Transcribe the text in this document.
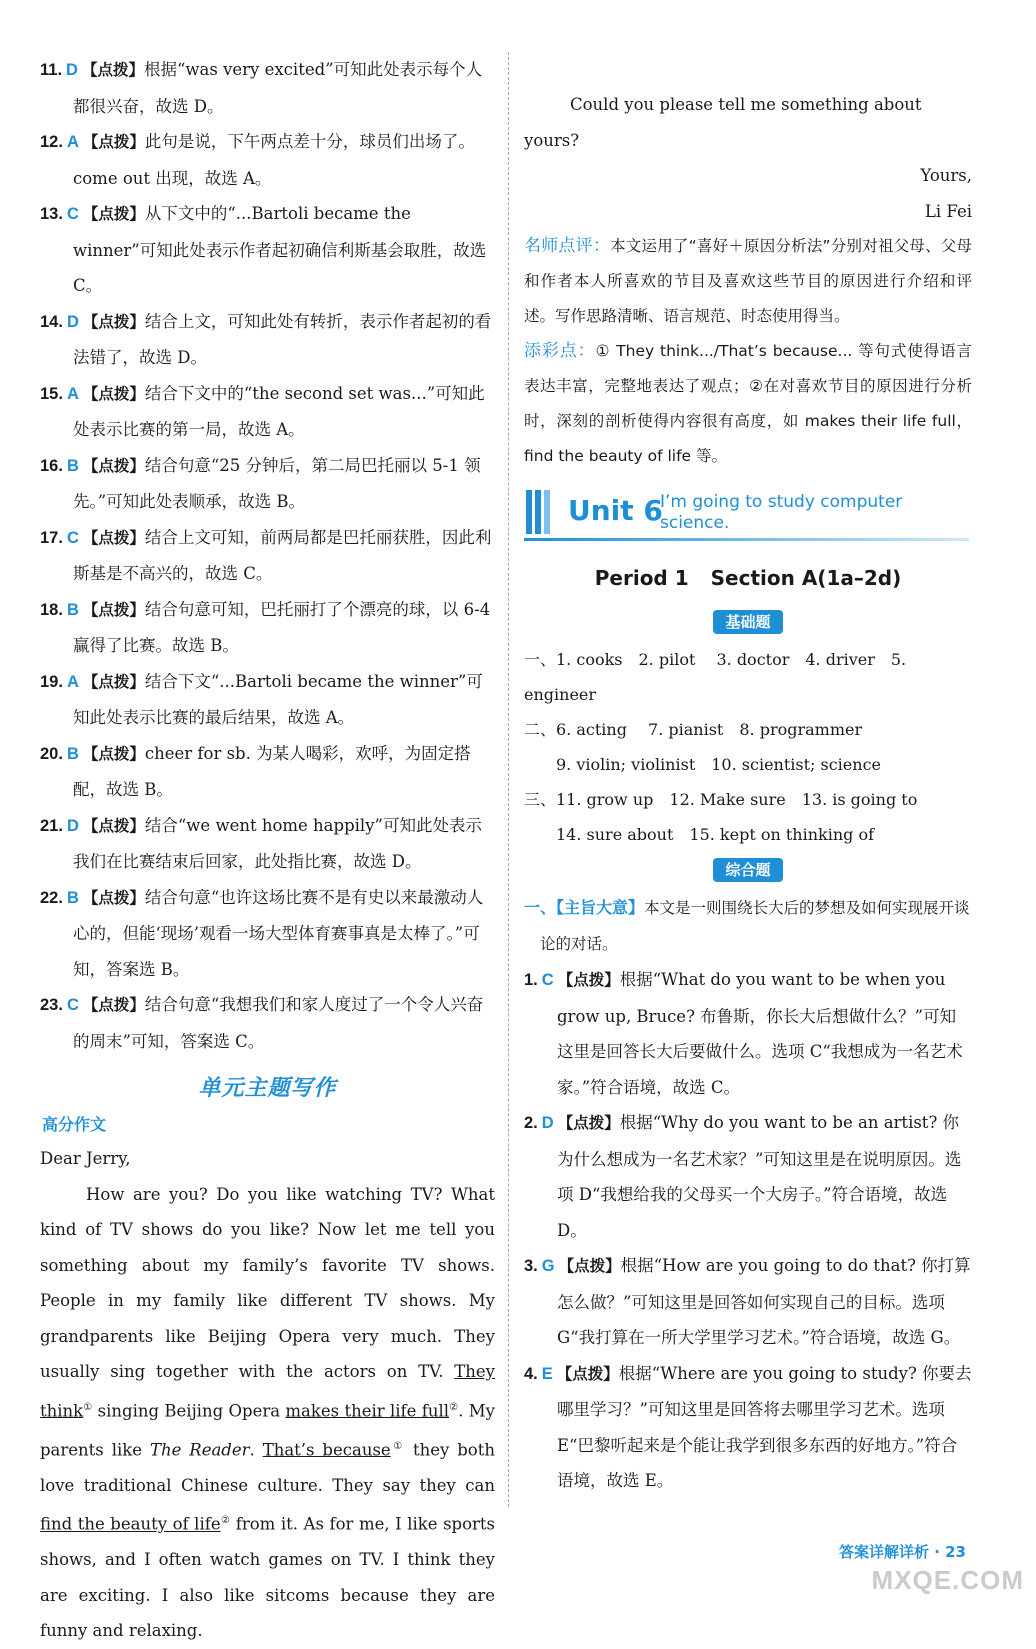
11. D 【点拨】根据“was very excited”可知此处表示每个人都很兴奋，故选 D。

12. A 【点拨】此句是说，下午两点差十分，球员们出场了。come out 出现，故选 A。

13. C 【点拨】从下文中的“...Bartoli became the winner”可知此处表示作者起初确信利斯基会取胜，故选 C。

14. D 【点拨】结合上文，可知此处有转折，表示作者起初的看法错了，故选 D。

15. A 【点拨】结合下文中的“the second set was...”可知此处表示比赛的第一局，故选 A。

16. B 【点拨】结合句意“25 分钟后，第二局巴托丽以 5-1 领先。”可知此处表顺承，故选 B。

17. C 【点拨】结合上文可知，前两局都是巴托丽获胜，因此利斯基是不高兴的，故选 C。

18. B 【点拨】结合句意可知，巴托丽打了个漂亮的球，以 6-4 赢得了比赛。故选 B。

19. A 【点拨】结合下文“...Bartoli became the winner”可知此处表示比赛的最后结果，故选 A。

20. B 【点拨】cheer for sb. 为某人喝彩，欢呼，为固定搭配，故选 B。

21. D 【点拨】结合“we went home happily”可知此处表示我们在比赛结束后回家，此处指比赛，故选 D。

22. B 【点拨】结合句意“也许这场比赛不是有史以来最激动人心的，但能‘现场’观看一场大型体育赛事真是太棒了。”可知，答案选 B。

23. C 【点拨】结合句意“我想我们和家人度过了一个令人兴奋的周末”可知，答案选 C。

单元主题写作
高分作文

Dear Jerry,

How are you? Do you like watching TV? What kind of TV shows do you like? Now let me tell you something about my family’s favorite TV shows. People in my family like different TV shows. My grandparents like Beijing Opera very much. They usually sing together with the actors on TV. They think① singing Beijing Opera makes their life full②. My parents like The Reader. That’s because① they both love traditional Chinese culture. They say they can find the beauty of life② from it. As for me, I like sports shows, and I often watch games on TV. I think they are exciting. I also like sitcoms because they are funny and relaxing.

Could you please tell me something about yours?

Yours,

Li Fei

名师点评：本文运用了“喜好＋原因分析法”分别对祖父母、父母和作者本人所喜欢的节目及喜欢这些节目的原因进行介绍和评述。写作思路清晰、语言规范、时态使用得当。

添彩点：① They think.../That’s because... 等句式使得语言表达丰富，完整地表达了观点；②在对喜欢节目的原因进行分析时，深刻的剖析使得内容很有高度，如 makes their life full，find the beauty of life 等。

Unit 6
I’m going to study computer science.
Period 1 Section A(1a–2d)
基础题

一、1. cooks　2. pilot　 3. doctor　4. driver　5. engineer

二、6. acting　 7. pianist　8. programmer

　　9. violin; violinist　10. scientist; science

三、11. grow up　12. Make sure　13. is going to

　　14. sure about　15. kept on thinking of

综合题

一、【主旨大意】本文是一则围绕长大后的梦想及如何实现展开谈论的对话。

1. C 【点拨】根据“What do you want to be when you grow up, Bruce? 布鲁斯，你长大后想做什么？”可知这里是回答长大后要做什么。选项 C“我想成为一名艺术家。”符合语境，故选 C。

2. D 【点拨】根据“Why do you want to be an artist? 你为什么想成为一名艺术家？”可知这里是在说明原因。选项 D“我想给我的父母买一个大房子。”符合语境，故选 D。

3. G 【点拨】根据“How are you going to do that? 你打算怎么做？”可知这里是回答如何实现自己的目标。选项 G“我打算在一所大学里学习艺术。”符合语境，故选 G。

4. E 【点拨】根据“Where are you going to study? 你要去哪里学习？”可知这里是回答将去哪里学习艺术。选项 E“巴黎听起来是个能让我学到很多东西的好地方。”符合语境，故选 E。

答案详解详析 · 23
MXQE.COM
